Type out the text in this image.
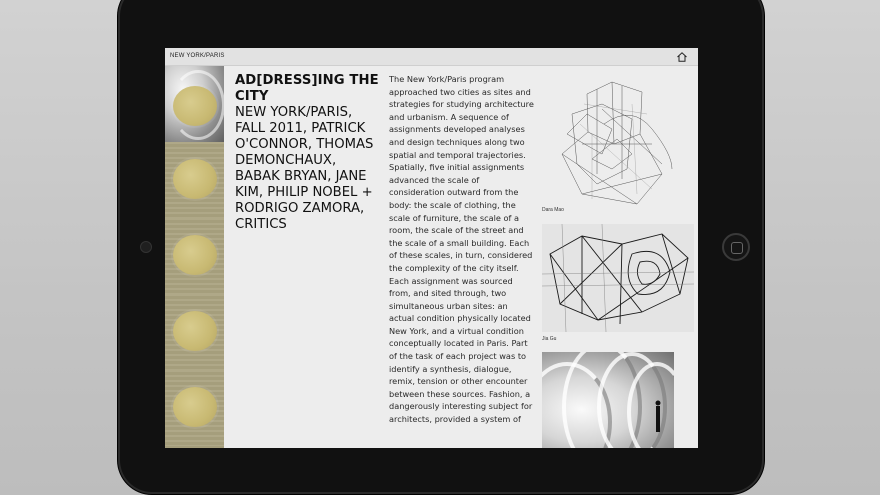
NEW YORK/PARIS
AD[DRESS]ING THE CITY
NEW YORK/PARIS, FALL 2011, PATRICK O'CONNOR, THOMAS DEMONCHAUX, BABAK BRYAN, JANE KIM, PHILIP NOBEL + RODRIGO ZAMORA, CRITICS
The New York/Paris program approached two cities as sites and strategies for studying architecture and urbanism. A sequence of assignments developed analyses and design techniques along two spatial and temporal trajectories. Spatially, five initial assignments advanced the scale of consideration outward from the body: the scale of clothing, the scale of furniture, the scale of a room, the scale of the street and the scale of a small building. Each of these scales, in turn, considered the complexity of the city itself. Each assignment was sourced from, and sited through, two simultaneous urban sites: an actual condition physically located New York, and a virtual condition conceptually located in Paris. Part of the task of each project was to identify a synthesis, dialogue, remix, tension or other encounter between these sources. Fashion, a dangerously interesting subject for architects, provided a system of
Dara Mao
Jia Gu
